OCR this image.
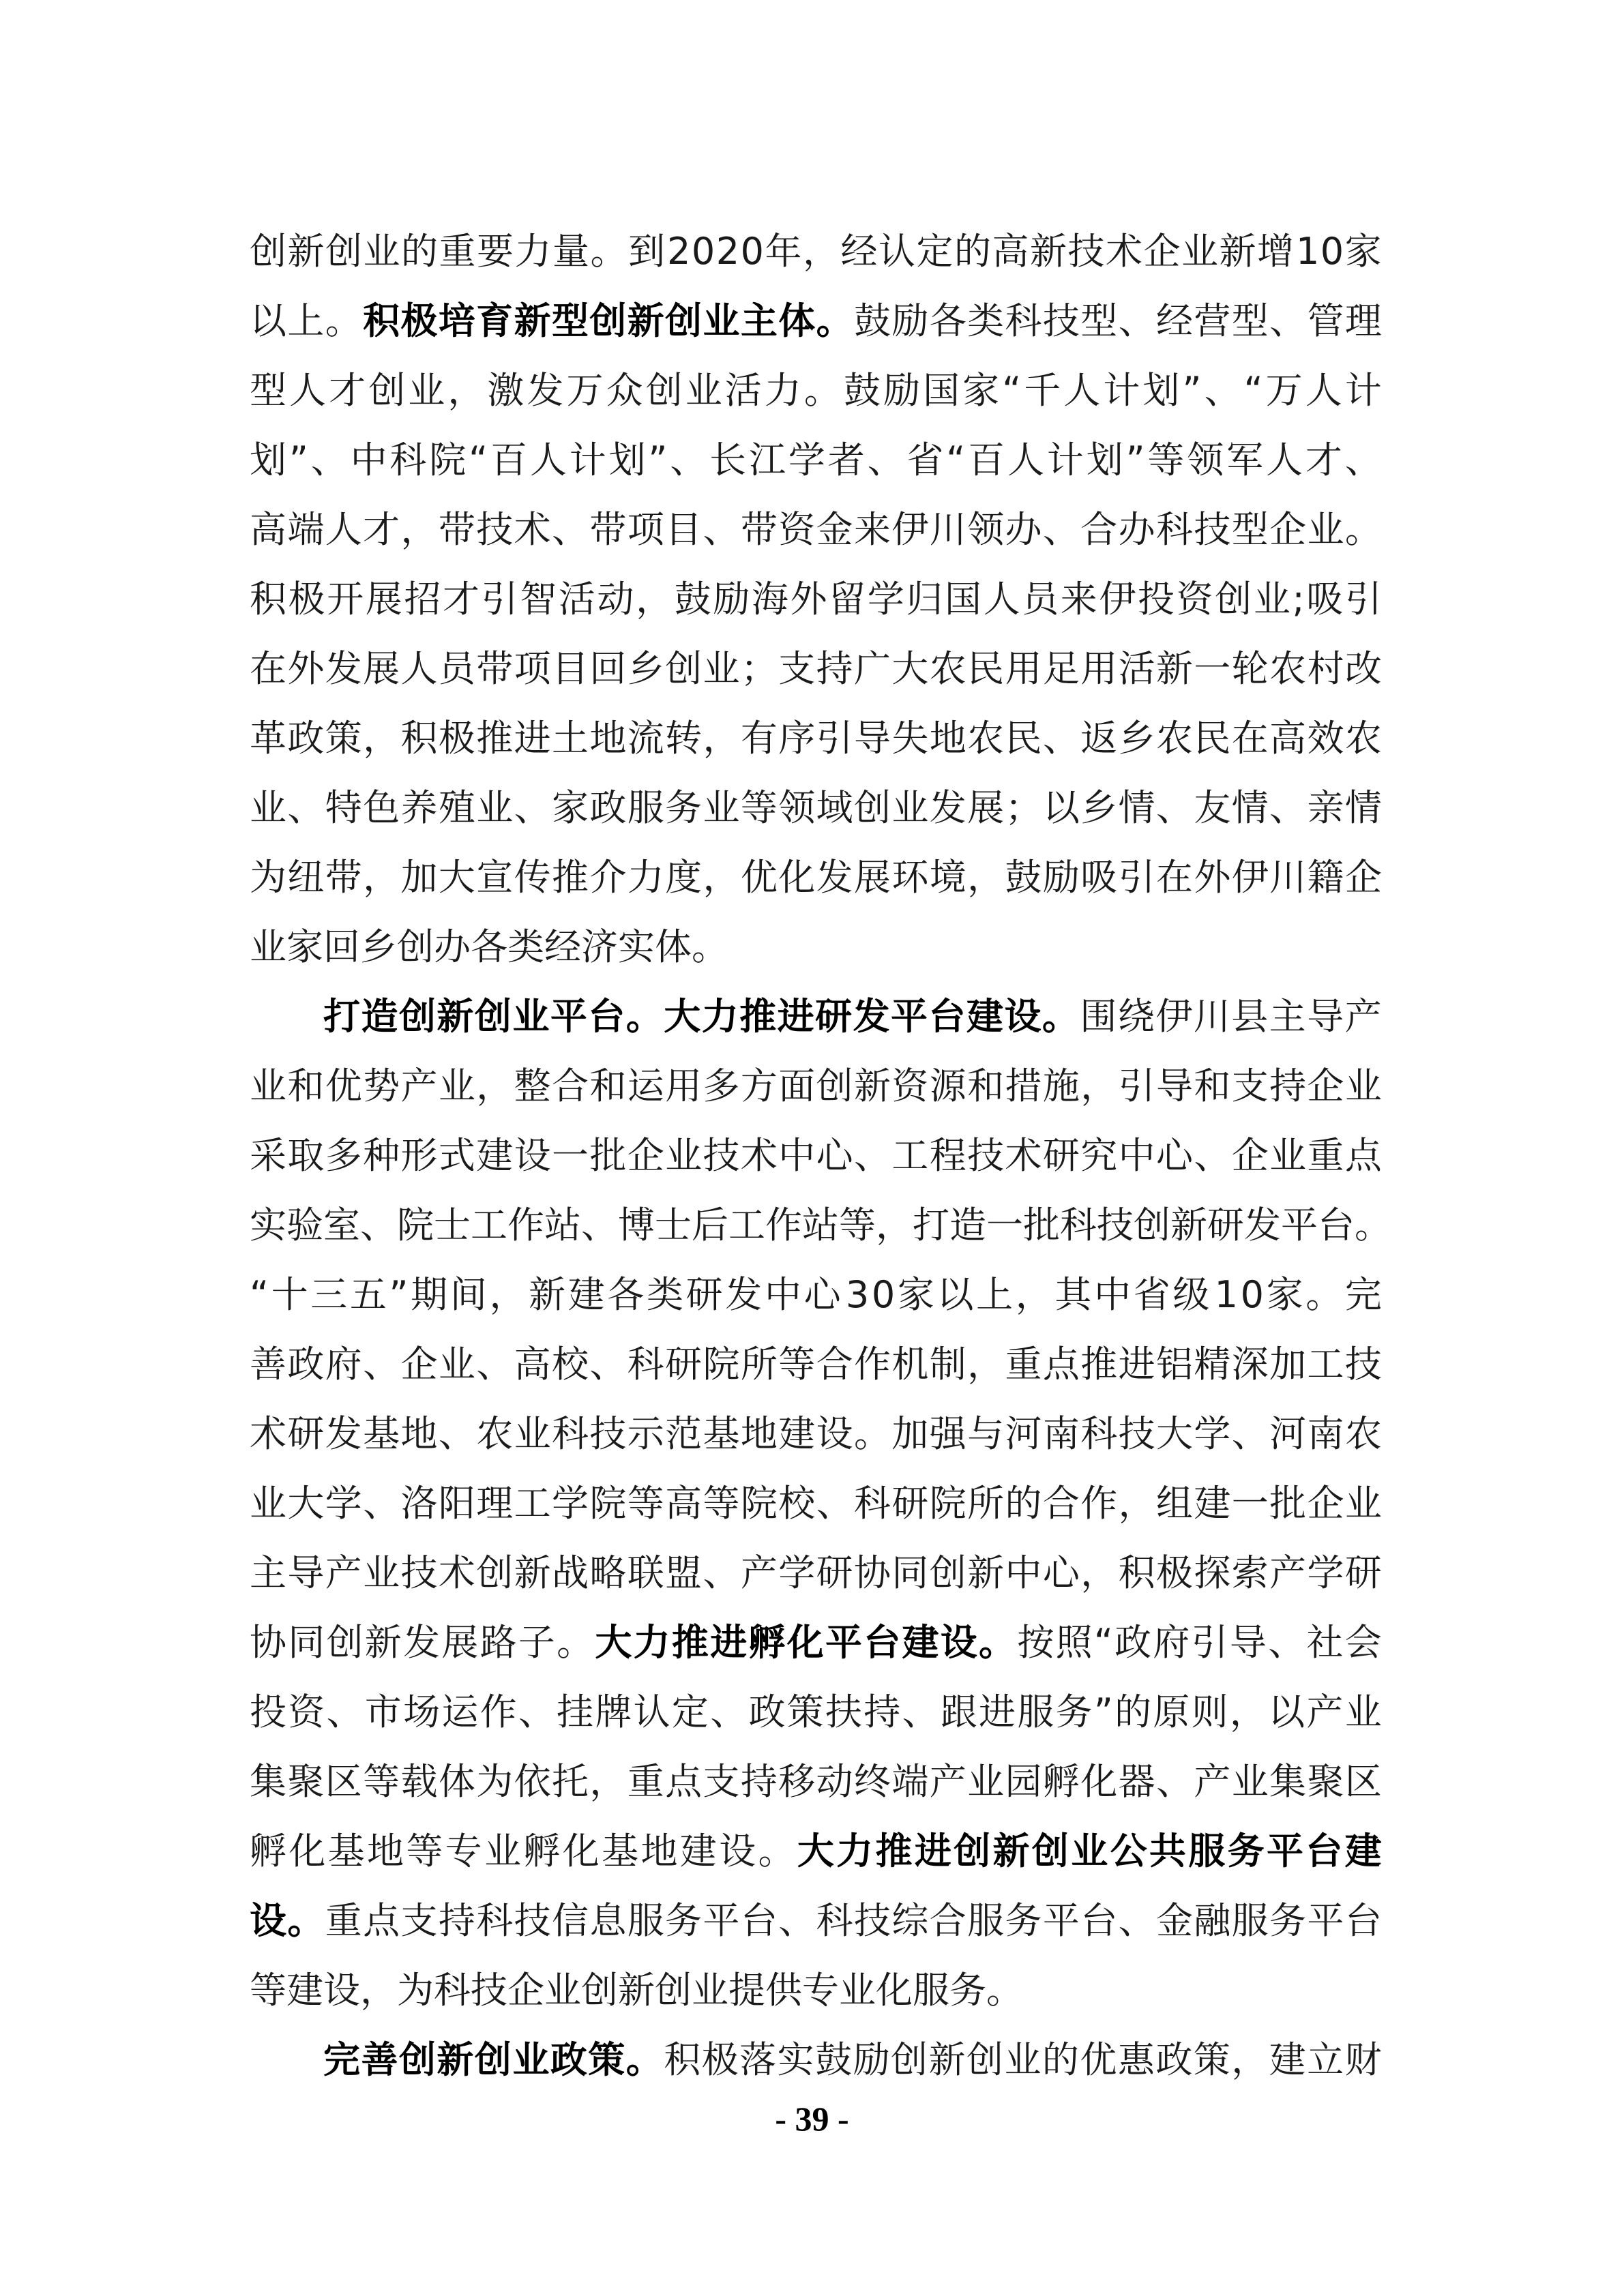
创 新 创 业 的 重 要 力 量 。 到 2 0 2 0 年 ， 经 认 定 的 高 新 技 术 企 业 新 增 1 0 家
以 上 。 积 极 培 育 新 型 创 新 创 业 主 体 。 鼓 励 各 类 科 技 型 、 经 营 型 、 管 理
型 人 才 创 业 ， 激 发 万 众 创 业 活 力 。 鼓 励 国 家 “ 千 人 计 划 ” 、 “ 万 人 计
划 ” 、 中 科 院 “ 百 人 计 划 ” 、 长 江 学 者 、 省 “ 百 人 计 划 ” 等 领 军 人 才 、
高 端 人 才 ， 带 技 术 、 带 项 目 、 带 资 金 来 伊 川 领 办 、 合 办 科 技 型 企 业 。
积 极 开 展 招 才 引 智 活 动 ， 鼓 励 海 外 留 学 归 国 人 员 来 伊 投 资 创 业 ; 吸 引
在 外 发 展 人 员 带 项 目 回 乡 创 业 ； 支 持 广 大 农 民 用 足 用 活 新 一 轮 农 村 改
革 政 策 ， 积 极 推 进 土 地 流 转 ， 有 序 引 导 失 地 农 民 、 返 乡 农 民 在 高 效 农
业 、 特 色 养 殖 业 、 家 政 服 务 业 等 领 域 创 业 发 展 ； 以 乡 情 、 友 情 、 亲 情
为 纽 带 ， 加 大 宣 传 推 介 力 度 ， 优 化 发 展 环 境 ， 鼓 励 吸 引 在 外 伊 川 籍 企
业 家 回 乡 创 办 各 类 经 济 实 体 。
打 造 创 新 创 业 平 台 。 大 力 推 进 研 发 平 台 建 设 。 围 绕 伊 川 县 主 导 产
业 和 优 势 产 业 ， 整 合 和 运 用 多 方 面 创 新 资 源 和 措 施 ， 引 导 和 支 持 企 业
采 取 多 种 形 式 建 设 一 批 企 业 技 术 中 心 、 工 程 技 术 研 究 中 心 、 企 业 重 点
实 验 室 、 院 士 工 作 站 、 博 士 后 工 作 站 等 ， 打 造 一 批 科 技 创 新 研 发 平 台 。
“ 十 三 五 ” 期 间 ， 新 建 各 类 研 发 中 心 3 0 家 以 上 ， 其 中 省 级 1 0 家 。 完
善 政 府 、 企 业 、 高 校 、 科 研 院 所 等 合 作 机 制 ， 重 点 推 进 铝 精 深 加 工 技
术 研 发 基 地 、 农 业 科 技 示 范 基 地 建 设 。 加 强 与 河 南 科 技 大 学 、 河 南 农
业 大 学 、 洛 阳 理 工 学 院 等 高 等 院 校 、 科 研 院 所 的 合 作 ， 组 建 一 批 企 业
主 导 产 业 技 术 创 新 战 略 联 盟 、 产 学 研 协 同 创 新 中 心 ， 积 极 探 索 产 学 研
协 同 创 新 发 展 路 子 。 大 力 推 进 孵 化 平 台 建 设 。 按 照 “ 政 府 引 导 、 社 会
投 资 、 市 场 运 作 、 挂 牌 认 定 、 政 策 扶 持 、 跟 进 服 务 ” 的 原 则 ， 以 产 业
集 聚 区 等 载 体 为 依 托 ， 重 点 支 持 移 动 终 端 产 业 园 孵 化 器 、 产 业 集 聚 区
孵 化 基 地 等 专 业 孵 化 基 地 建 设 。 大 力 推 进 创 新 创 业 公 共 服 务 平 台 建
设 。 重 点 支 持 科 技 信 息 服 务 平 台 、 科 技 综 合 服 务 平 台 、 金 融 服 务 平 台
等 建 设 ， 为 科 技 企 业 创 新 创 业 提 供 专 业 化 服 务 。
完 善 创 新 创 业 政 策 。 积 极 落 实 鼓 励 创 新 创 业 的 优 惠 政 策 ， 建 立 财
- 39 -
